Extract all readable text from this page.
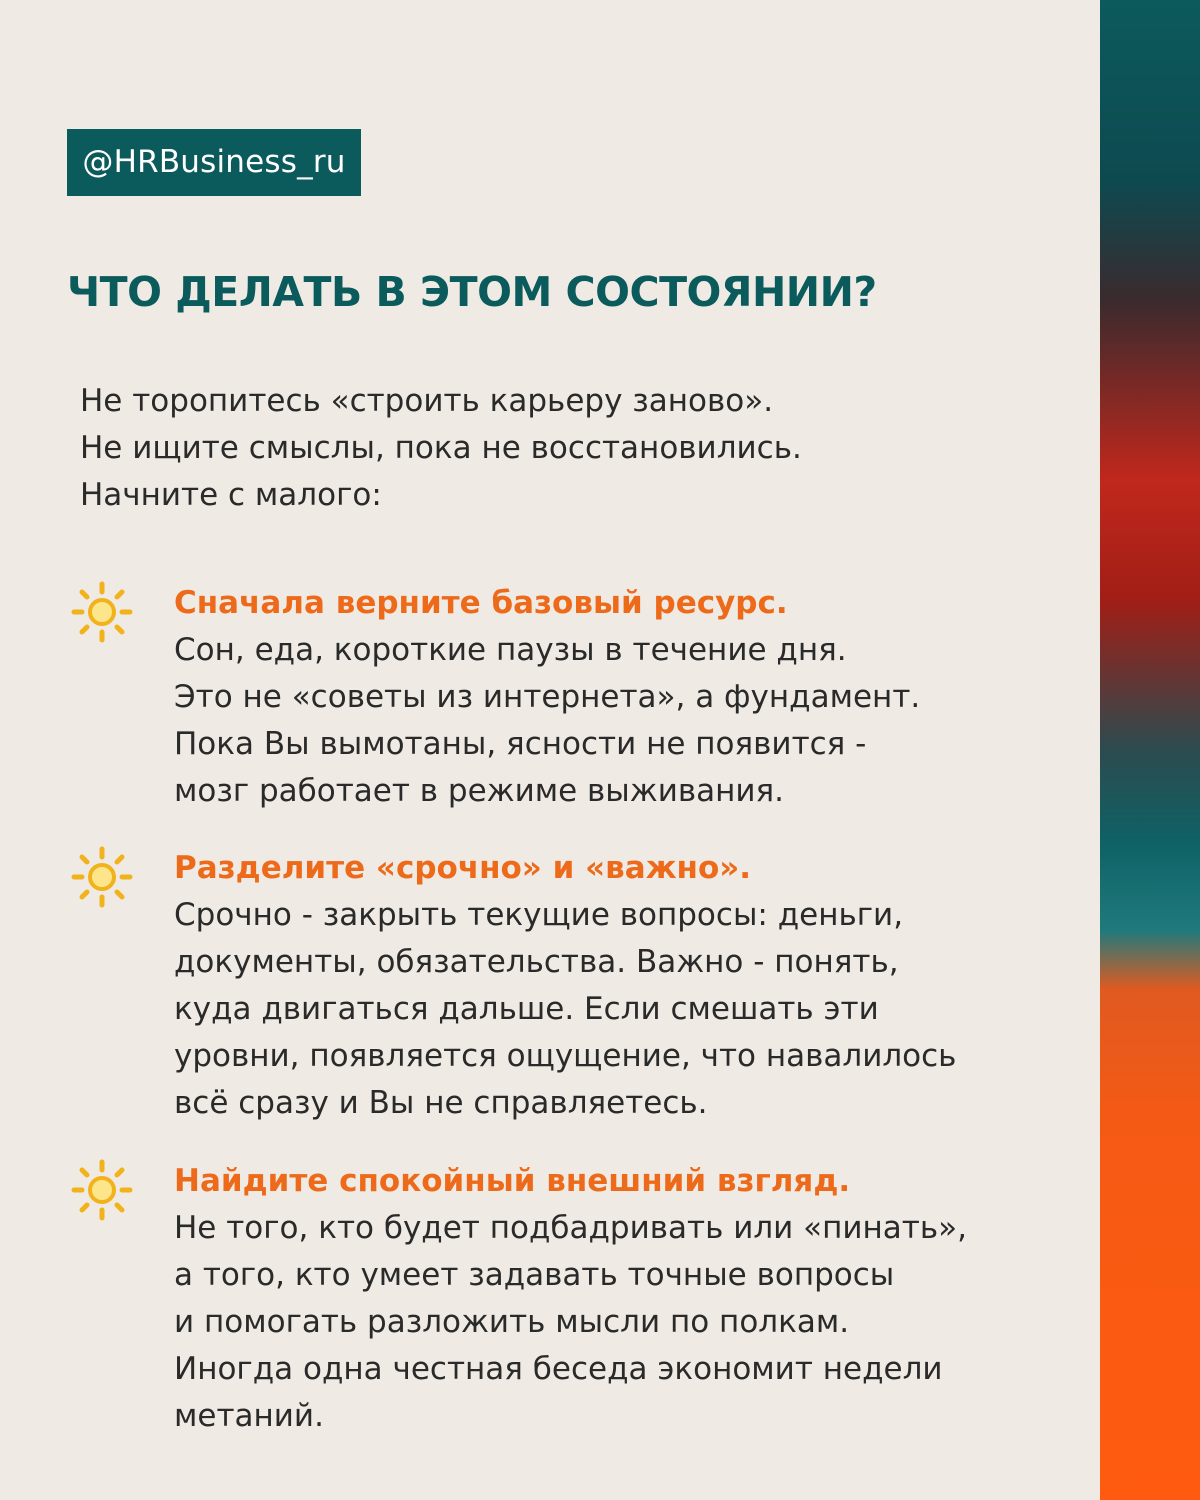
@HRBusiness_ru
ЧТО ДЕЛАТЬ В ЭТОМ СОСТОЯНИИ?
Не торопитесь «строить карьеру заново».
Не ищите смыслы, пока не восстановились.
Начните с малого:
Сначала верните базовый ресурс.
Сон, еда, короткие паузы в течение дня.
Это не «советы из интернета», а фундамент.
Пока Вы вымотаны, ясности не появится -
мозг работает в режиме выживания.
Разделите «срочно» и «важно».
Срочно - закрыть текущие вопросы: деньги,
документы, обязательства. Важно - понять,
куда двигаться дальше. Если смешать эти
уровни, появляется ощущение, что навалилось
всё сразу и Вы не справляетесь.
Найдите спокойный внешний взгляд.
Не того, кто будет подбадривать или «пинать»,
а того, кто умеет задавать точные вопросы
и помогать разложить мысли по полкам.
Иногда одна честная беседа экономит недели
метаний.
